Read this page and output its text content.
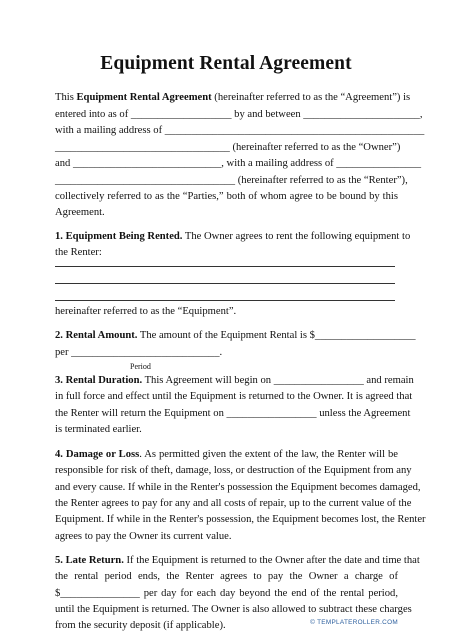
Equipment Rental Agreement
This Equipment Rental Agreement (hereinafter referred to as the “Agreement”) is
entered into as of ___________________ by and between ______________________,
with a mailing address of _________________________________________________
_________________________________ (hereinafter referred to as the “Owner”)
and ____________________________, with a mailing address of ________________
__________________________________ (hereinafter referred to as the “Renter”),
collectively referred to as the “Parties,” both of whom agree to be bound by this
Agreement.
1. Equipment Being Rented. The Owner agrees to rent the following equipment to
the Renter:
hereinafter referred to as the “Equipment”.
2. Rental Amount. The amount of the Equipment Rental is $___________________
per ____________________________.
Period
3. Rental Duration. This Agreement will begin on _________________ and remain
in full force and effect until the Equipment is returned to the Owner. It is agreed that
the Renter will return the Equipment on _________________ unless the Agreement
is terminated earlier.
4. Damage or Loss. As permitted given the extent of the law, the Renter will be
responsible for risk of theft, damage, loss, or destruction of the Equipment from any
and every cause. If while in the Renter's possession the Equipment becomes damaged,
the Renter agrees to pay for any and all costs of repair, up to the current value of the
Equipment. If while in the Renter's possession, the Equipment becomes lost, the Renter
agrees to pay the Owner its current value.
5. Late Return. If the Equipment is returned to the Owner after the date and time that
the rental period ends, the Renter agrees to pay the Owner a charge of
$_______________ per day for each day beyond the end of the rental period,
until the Equipment is returned. The Owner is also allowed to subtract these charges
from the security deposit (if applicable).	© TEMPLATEROLLER.COM
